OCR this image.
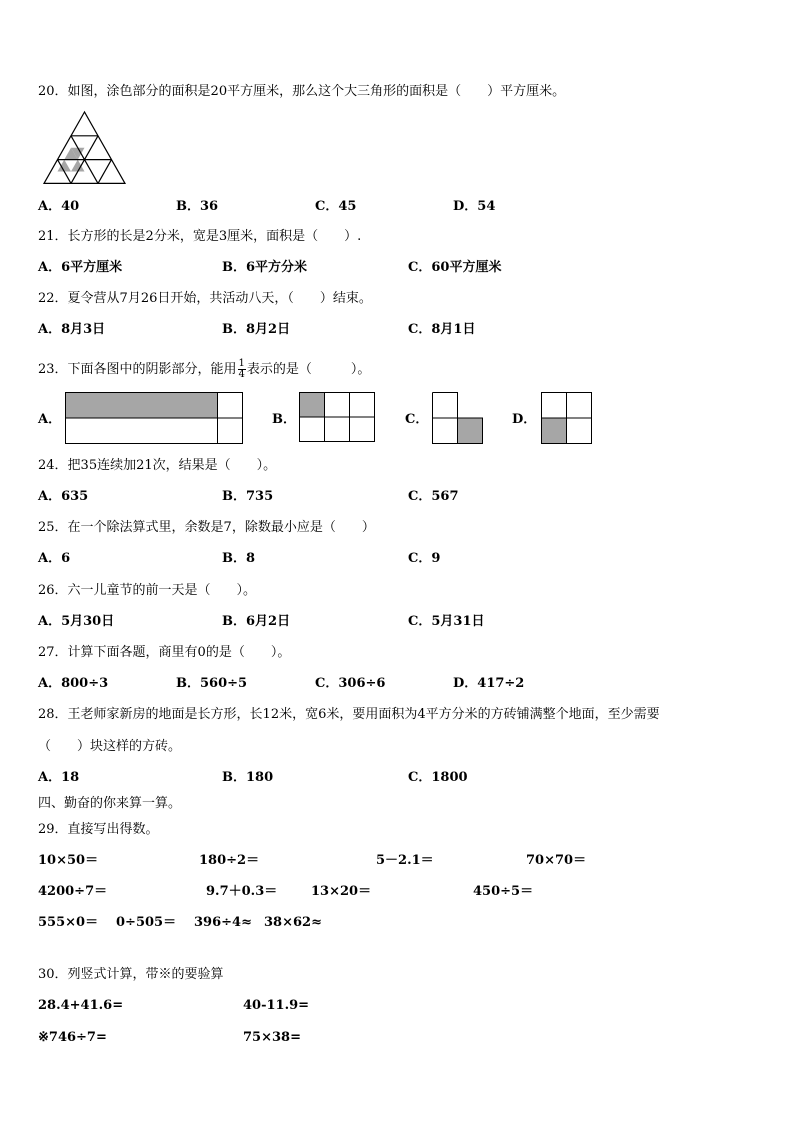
20．如图，涂色部分的面积是20平方厘米，那么这个大三角形的面积是（　　）平方厘米。
A．40	B．36	C．45	D．54
21．长方形的长是2分米，宽是3厘米，面积是（　　）.
A．6平方厘米	B．6平方分米	C．60平方厘米
22．夏令营从7月26日开始，共活动八天，（　　）结束。
A．8月3日	B．8月2日	C．8月1日
23．下面各图中的阴影部分，能用 $\frac{1}{4}$ 表示的是（　　　）。
A．	B．	C．	D．
24．把35连续加21次，结果是（　　）。
A．635	B．735	C．567
25．在一个除法算式里，余数是7，除数最小应是（　　）
A．6	B．8	C．9
26．六一儿童节的前一天是（　　）。
A．5月30日	B．6月2日	C．5月31日
27．计算下面各题，商里有0的是（　　）。
A．800÷3	B．560÷5	C．306÷6	D．417÷2
28．王老师家新房的地面是长方形，长12米，宽6米，要用面积为4平方分米的方砖铺满整个地面，至少需要
（　　）块这样的方砖。
A．18	B．180	C．1800
四、勤奋的你来算一算。
29．直接写出得数。
10×50＝	180÷2＝	5－2.1＝	70×70＝
4200÷7＝	9.7＋0.3＝	13×20＝	450÷5＝
555×0＝ 0÷505＝ 396÷4≈ 38×62≈
30．列竖式计算，带※的要验算
28.4+41.6=	40-11.9=
※746÷7=	75×38=
